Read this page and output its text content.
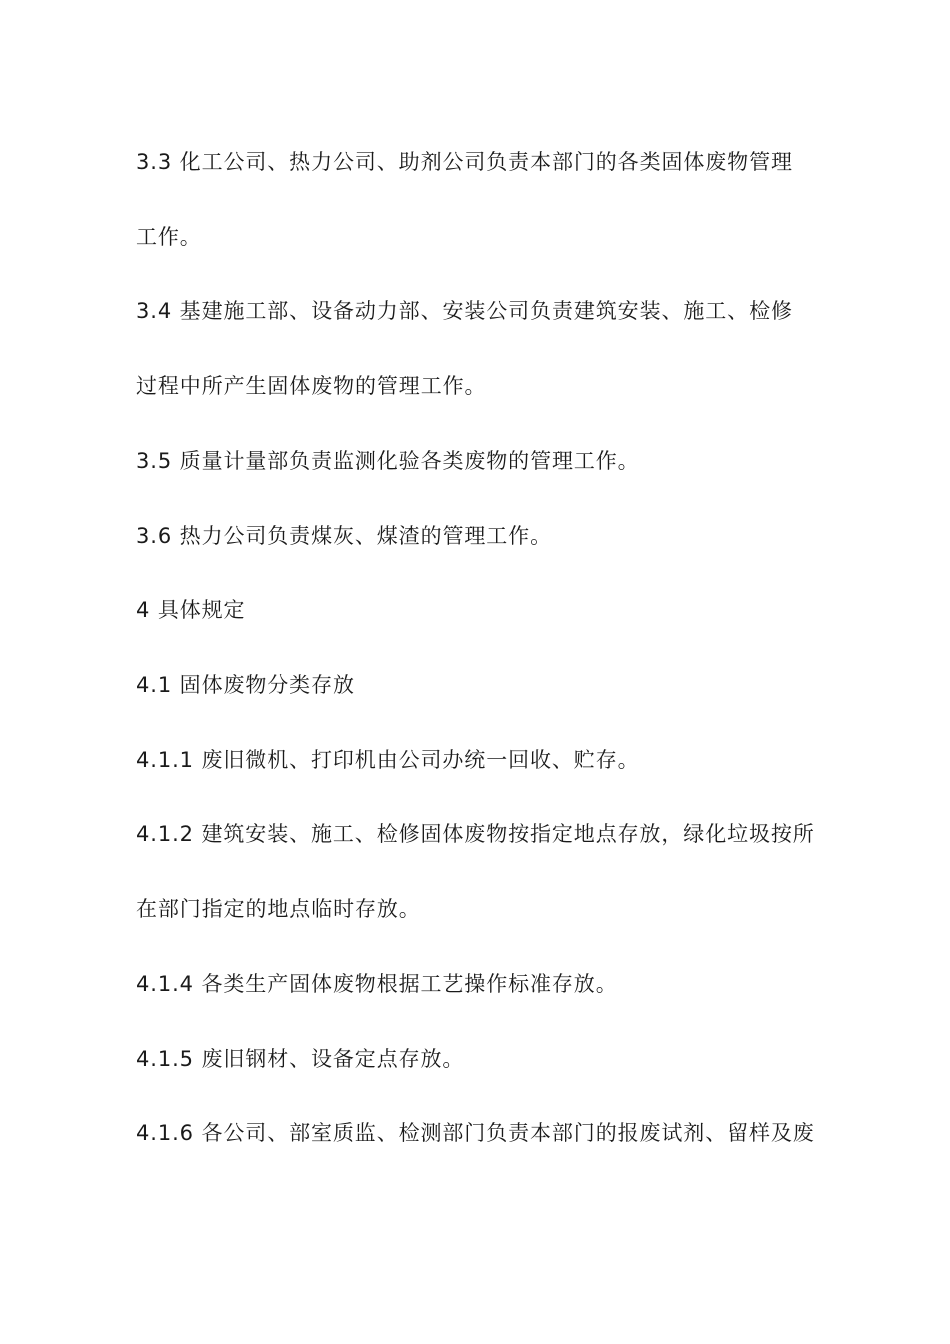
3.3 化工公司、热力公司、助剂公司负责本部门的各类固体废物管理
工作。
3.4 基建施工部、设备动力部、安装公司负责建筑安装、施工、检修
过程中所产生固体废物的管理工作。
3.5 质量计量部负责监测化验各类废物的管理工作。
3.6 热力公司负责煤灰、煤渣的管理工作。
4 具体规定
4.1 固体废物分类存放
4.1.1 废旧微机、打印机由公司办统一回收、贮存。
4.1.2 建筑安装、施工、检修固体废物按指定地点存放，绿化垃圾按所
在部门指定的地点临时存放。
4.1.4 各类生产固体废物根据工艺操作标准存放。
4.1.5 废旧钢材、设备定点存放。
4.1.6 各公司、部室质监、检测部门负责本部门的报废试剂、留样及废
